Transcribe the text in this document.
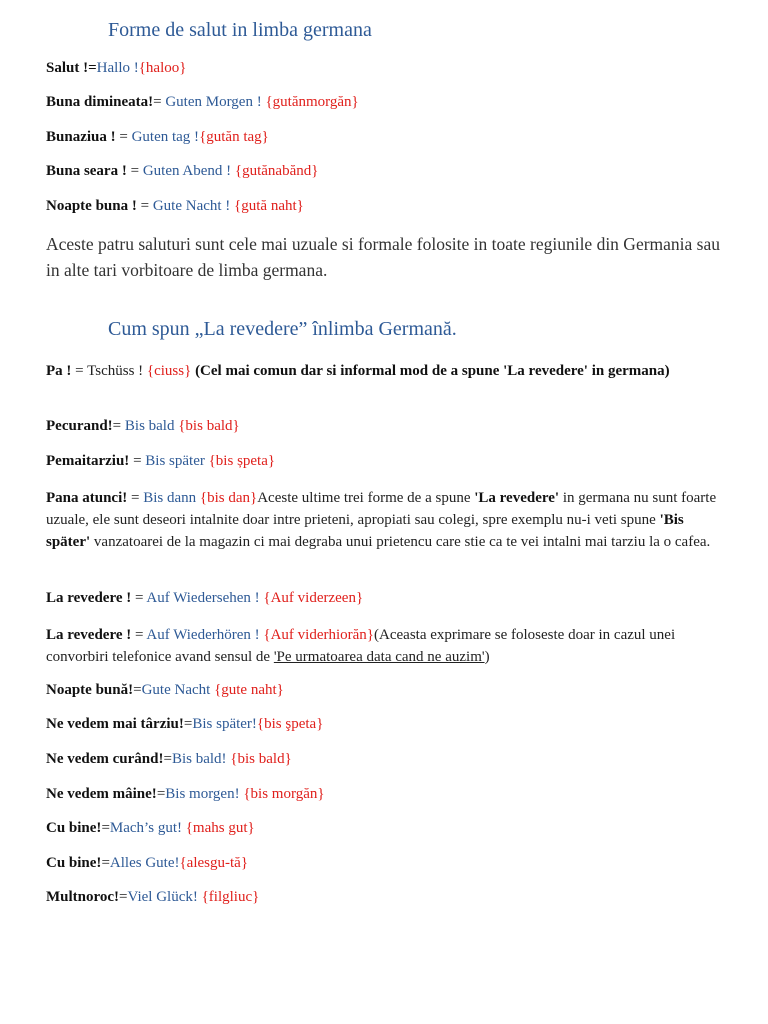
Forme de salut in limba germana
Salut !=Hallo !{haloo}
Buna dimineata!= Guten Morgen ! {gutănmorgăn}
Bunaziua ! = Guten tag !{gutăn tag}
Buna seara ! = Guten Abend ! {gutănabănd}
Noapte buna ! = Gute Nacht ! {gută naht}
Aceste patru saluturi sunt cele mai uzuale si formale folosite in toate regiunile din Germania sau in alte tari vorbitoare de limba germana.
Cum spun „La revedere” înlimba Germană.
Pa ! = Tschüss ! {ciuss} (Cel mai comun dar si informal mod de a spune 'La revedere' in germana)
Pecurand!= Bis bald {bis bald}
Pemaitarziu! = Bis später {bis șpeta}
Pana atunci! = Bis dann {bis dan}Aceste ultime trei forme de a spune 'La revedere' in germana nu sunt foarte uzuale, ele sunt deseori intalnite doar intre prieteni, apropiati sau colegi, spre exemplu nu-i veti spune 'Bis später' vanzatoarei de la magazin ci mai degraba unui prietencu care stie ca te vei intalni mai tarziu la o cafea.
La revedere ! = Auf Wiedersehen ! {Auf viderzeen}
La revedere ! = Auf Wiederhören ! {Auf viderhiorăn}(Aceasta exprimare se foloseste doar in cazul unei convorbiri telefonice avand sensul de 'Pe urmatoarea data cand ne auzim')
Noapte bună!=Gute Nacht {gute naht}
Ne vedem mai târziu!=Bis später!{bis şpeta}
Ne vedem curând!=Bis bald! {bis bald}
Ne vedem mâine!=Bis morgen! {bis morgăn}
Cu bine!=Mach’s gut! {mahs gut}
Cu bine!=Alles Gute!{alesgu-tă}
Multnoroc!=Viel Glück! {filgliuc}
